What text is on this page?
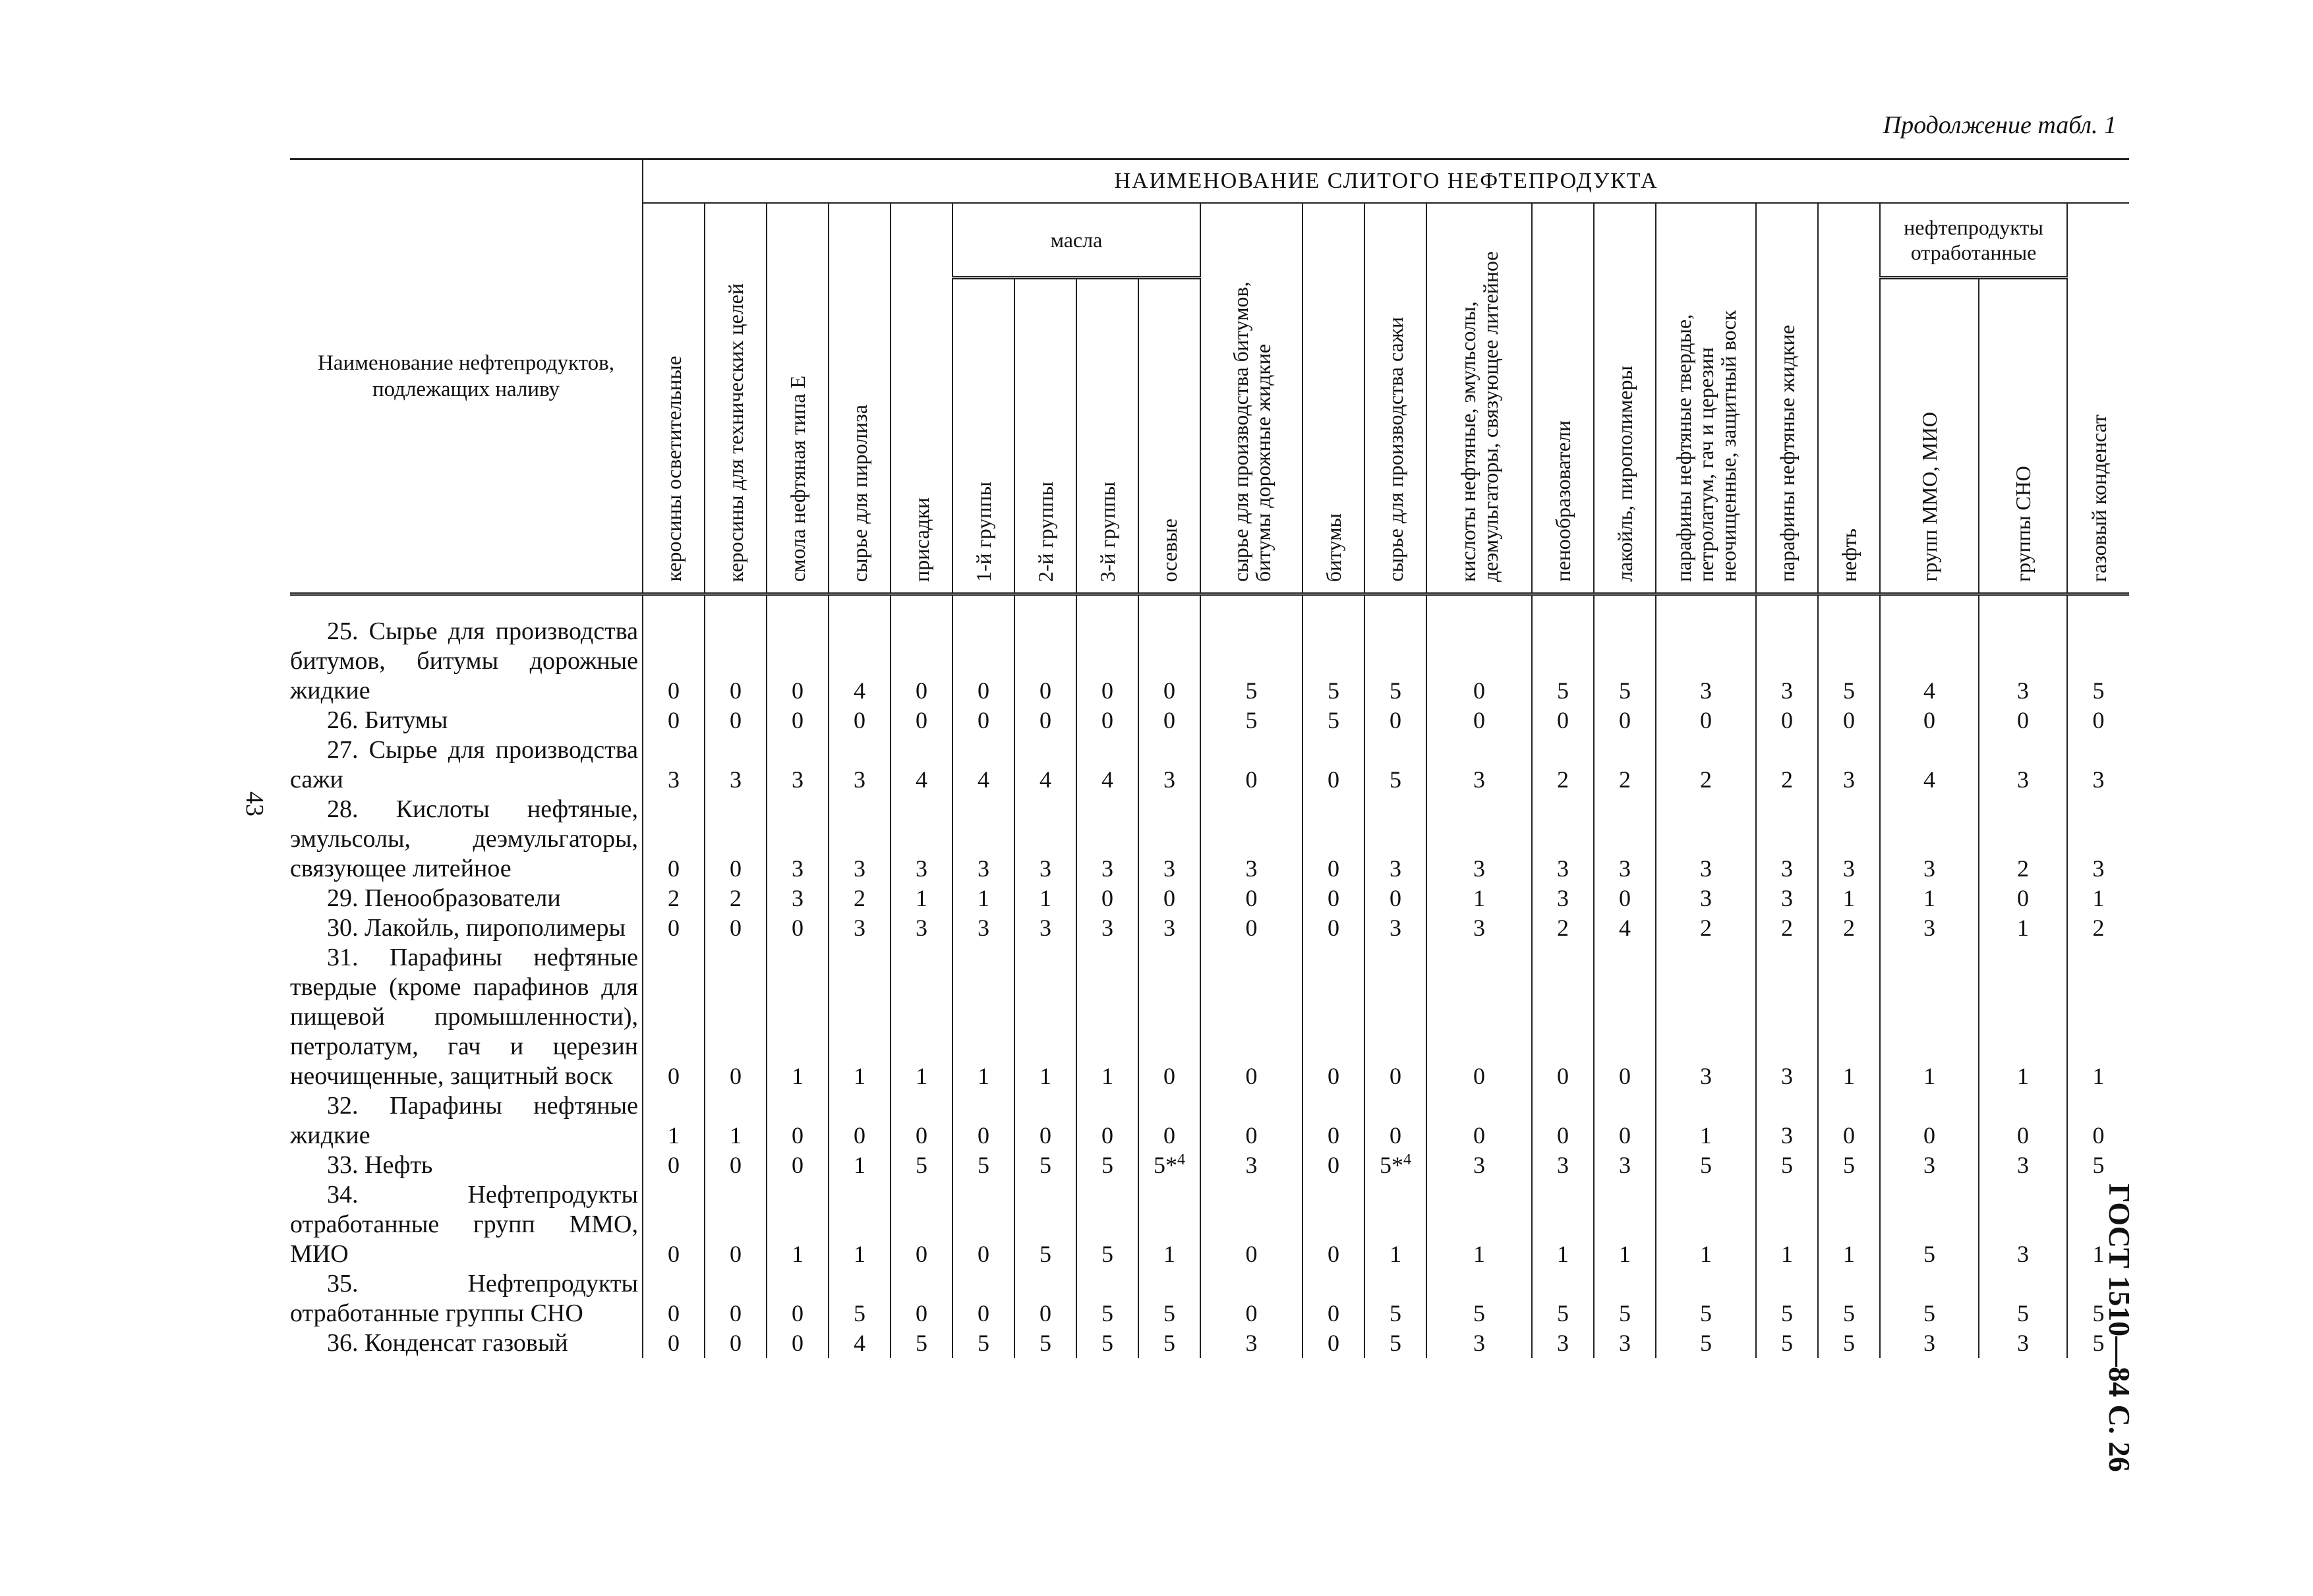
Продолжение табл. 1
43
ГОСТ 1510—84 С. 26
Наименование нефтепродуктов, подлежащих наливу	НАИМЕНОВАНИЕ СЛИТОГО НЕФТЕПРОДУКТА																				
	керосины осветительные	керосины для технических целей	смола нефтяная типа Е	сырье для пиролиза	присадки	масла				сырье для производства битумов, битумы дорожные жидкие	битумы	сырье для производства сажи	кислоты нефтяные, эмульсолы, деэмульгаторы, связующее литейное	пенообразователи	лакойль, пирополимеры	парафины нефтяные твердые, петролатум, гач и церезин неочищенные, защитный воск	парафины нефтяные жидкие	нефть	нефтепродукты отработанные		газовый конденсат
						1-й группы	2-й группы	3-й группы	осевые										групп ММО, МИО	группы СНО	
25. Сырье для производства битумов, битумы дорожные жидкие	0	0	0	4	0	0	0	0	0	5	5	5	0	5	5	3	3	5	4	3	5
26. Битумы	0	0	0	0	0	0	0	0	0	5	5	0	0	0	0	0	0	0	0	0	0
27. Сырье для производства сажи	3	3	3	3	4	4	4	4	3	0	0	5	3	2	2	2	2	3	4	3	3
28. Кислоты нефтяные, эмульсолы, деэмульгаторы, связующее литейное	0	0	3	3	3	3	3	3	3	3	0	3	3	3	3	3	3	3	3	2	3
29. Пенообразователи	2	2	3	2	1	1	1	0	0	0	0	0	1	3	0	3	3	1	1	0	1
30. Лакойль, пирополимеры	0	0	0	3	3	3	3	3	3	0	0	3	3	2	4	2	2	2	3	1	2
31. Парафины нефтяные твердые (кроме парафинов для пищевой промышленности), петролатум, гач и церезин неочищенные, защитный воск	0	0	1	1	1	1	1	1	0	0	0	0	0	0	0	3	3	1	1	1	1
32. Парафины нефтяные жидкие	1	1	0	0	0	0	0	0	0	0	0	0	0	0	0	1	3	0	0	0	0
33. Нефть	0	0	0	1	5	5	5	5	5*$^4$	3	0	5*$^4$	3	3	3	5	5	5	3	3	5
34. Нефтепродукты отработанные групп ММО, МИО	0	0	1	1	0	0	5	5	1	0	0	1	1	1	1	1	1	1	5	3	1
35. Нефтепродукты отработанные группы СНО	0	0	0	5	0	0	0	5	5	0	0	5	5	5	5	5	5	5	5	5	5
36. Конденсат газовый	0	0	0	4	5	5	5	5	5	3	0	5	3	3	3	5	5	5	3	3	5
